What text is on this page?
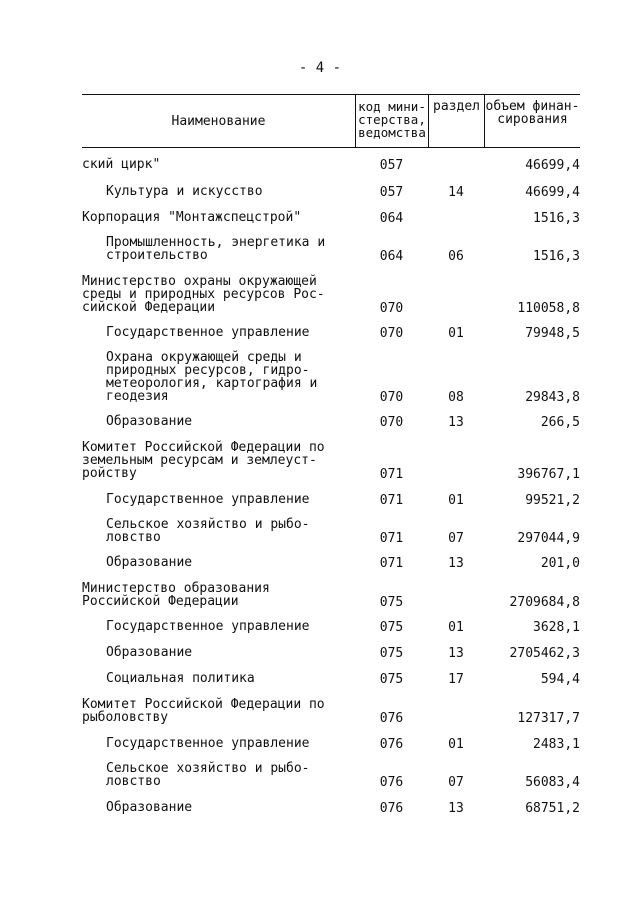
- 4 -
Наименование
код мини-
стерства,
ведомства
раздел объем финан-
сирования
ский цирк"	057	46699,4
Культура и искусство	057	14	46699,4
Корпорация "Монтажспецстрой"	064	1516,3
Промышленность, энергетика и
строительство	064	06	1516,3
Министерство охраны окружающей
среды и природных ресурсов Рос-
сийской Федерации	070	110058,8
Государственное управление	070	01	79948,5
Охрана окружающей среды и
природных ресурсов, гидро-
метеорология, картография и
геодезия	070	08	29843,8
Образование	070	13	266,5
Комитет Российской Федерации по
земельным ресурсам и землеуст-
ройству	071	396767,1
Государственное управление	071	01	99521,2
Сельское хозяйство и рыбо-
ловство	071	07	297044,9
Образование	071	13	201,0
Министерство образования
Российской Федерации	075	2709684,8
Государственное управление	075	01	3628,1
Образование	075	13	2705462,3
Социальная политика	075	17	594,4
Комитет Российской Федерации по
рыболовству	076	127317,7
Государственное управление	076	01	2483,1
Сельское хозяйство и рыбо-
ловство	076	07	56083,4
Образование	076	13	68751,2
